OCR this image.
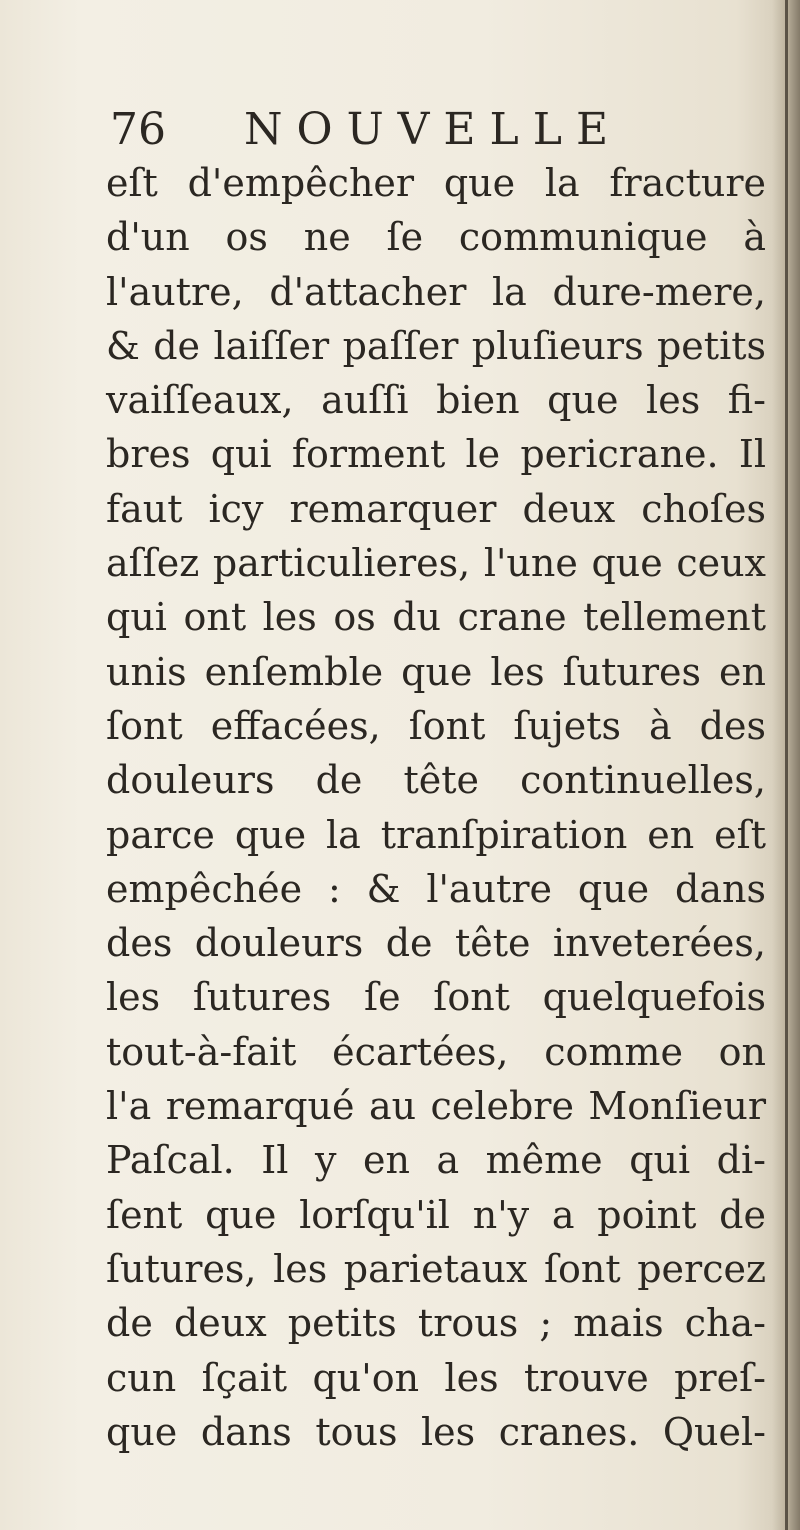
76 NOUVELLE
eſt d'empêcher que la fracture
d'un os ne ſe communique à
l'autre, d'attacher la dure-mere,
& de laiſſer paſſer pluſieurs petits
vaiſſeaux, auſſi bien que les fi-
bres qui forment le pericrane. Il
faut icy remarquer deux choſes
aſſez particulieres, l'une que ceux
qui ont les os du crane tellement
unis enſemble que les ſutures en
ſont effacées, ſont ſujets à des
douleurs de tête continuelles,
parce que la tranſpiration en eſt
empêchée : & l'autre que dans
des douleurs de tête inveterées,
les ſutures ſe ſont quelquefois
tout-à-fait écartées, comme on
l'a remarqué au celebre Monſieur
Paſcal. Il y en a même qui di-
ſent que lorſqu'il n'y a point de
ſutures, les parietaux ſont percez
de deux petits trous ; mais cha-
cun ſçait qu'on les trouve preſ-
que dans tous les cranes. Quel-
